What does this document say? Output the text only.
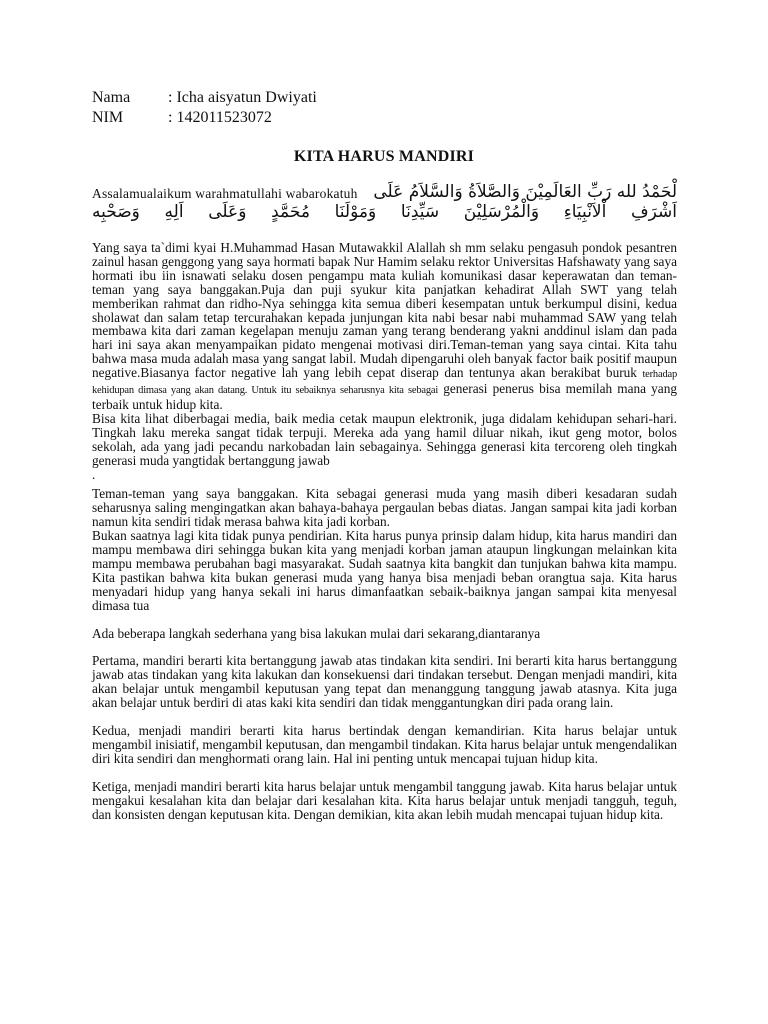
Nama	: Icha aisyatun Dwiyati
NIM	: 142011523072
KITA HARUS MANDIRI
Assalamualaikum warahmatullahi wabarokatuh لْحَمْدُ لله رَبِّ العَالَمِيْنَ وَالصَّلاَةُ وَالسَّلاَمُ عَلَى
اَشْرَفِ اْلاَنْبِيَاءِ وَالْمُرْسَلِيْنَ سَيِّدِنَا وَمَوْلَنَا مُحَمَّدٍ وَعَلَى اَلِهِ وَصَحْبِه

Yang saya ta`dimi kyai H.Muhammad Hasan Mutawakkil Alallah sh mm selaku pengasuh pondok pesantren zainul hasan genggong yang saya hormati bapak Nur Hamim selaku rektor Universitas Hafshawaty yang saya hormati ibu iin isnawati selaku dosen pengampu mata kuliah komunikasi dasar keperawatan dan teman-teman yang saya banggakan.Puja dan puji syukur kita panjatkan kehadirat Allah SWT yang telah memberikan rahmat dan ridho-Nya sehingga kita semua diberi kesempatan untuk berkumpul disini, kedua sholawat dan salam tetap tercurahakan kepada junjungan kita nabi besar nabi muhammad SAW yang telah membawa kita dari zaman kegelapan menuju zaman yang terang benderang yakni anddinul islam dan pada hari ini saya akan menyampaikan pidato mengenai motivasi diri.Teman-teman yang saya cintai. Kita tahu bahwa masa muda adalah masa yang sangat labil. Mudah dipengaruhi oleh banyak factor baik positif maupun negative.Biasanya factor negative lah yang lebih cepat diserap dan tentunya akan berakibat buruk terhadap kehidupan dimasa yang akan datang. Untuk itu sebaiknya seharusnya kita sebagai generasi penerus bisa memilah mana yang terbaik untuk hidup kita.

Bisa kita lihat diberbagai media, baik media cetak maupun elektronik, juga didalam kehidupan sehari-hari. Tingkah laku mereka sangat tidak terpuji. Mereka ada yang hamil diluar nikah, ikut geng motor, bolos sekolah, ada yang jadi pecandu narkobadan lain sebagainya. Sehingga generasi kita tercoreng oleh tingkah generasi muda yangtidak bertanggung jawab

.

Teman-teman yang saya banggakan. Kita sebagai generasi muda yang masih diberi kesadaran sudah seharusnya saling mengingatkan akan bahaya-bahaya pergaulan bebas diatas. Jangan sampai kita jadi korban namun kita sendiri tidak merasa bahwa kita jadi korban.

Bukan saatnya lagi kita tidak punya pendirian. Kita harus punya prinsip dalam hidup, kita harus mandiri dan mampu membawa diri sehingga bukan kita yang menjadi korban jaman ataupun lingkungan melainkan kita mampu membawa perubahan bagi masyarakat. Sudah saatnya kita bangkit dan tunjukan bahwa kita mampu. Kita pastikan bahwa kita bukan generasi muda yang hanya bisa menjadi beban orangtua saja. Kita harus menyadari hidup yang hanya sekali ini harus dimanfaatkan sebaik-baiknya jangan sampai kita menyesal dimasa tua

Ada beberapa langkah sederhana yang bisa lakukan mulai dari sekarang,diantaranya

Pertama, mandiri berarti kita bertanggung jawab atas tindakan kita sendiri. Ini berarti kita harus bertanggung jawab atas tindakan yang kita lakukan dan konsekuensi dari tindakan tersebut. Dengan menjadi mandiri, kita akan belajar untuk mengambil keputusan yang tepat dan menanggung tanggung jawab atasnya. Kita juga akan belajar untuk berdiri di atas kaki kita sendiri dan tidak menggantungkan diri pada orang lain.

Kedua, menjadi mandiri berarti kita harus bertindak dengan kemandirian. Kita harus belajar untuk mengambil inisiatif, mengambil keputusan, dan mengambil tindakan. Kita harus belajar untuk mengendalikan diri kita sendiri dan menghormati orang lain. Hal ini penting untuk mencapai tujuan hidup kita.

Ketiga, menjadi mandiri berarti kita harus belajar untuk mengambil tanggung jawab. Kita harus belajar untuk mengakui kesalahan kita dan belajar dari kesalahan kita. Kita harus belajar untuk menjadi tangguh, teguh, dan konsisten dengan keputusan kita. Dengan demikian, kita akan lebih mudah mencapai tujuan hidup kita.
